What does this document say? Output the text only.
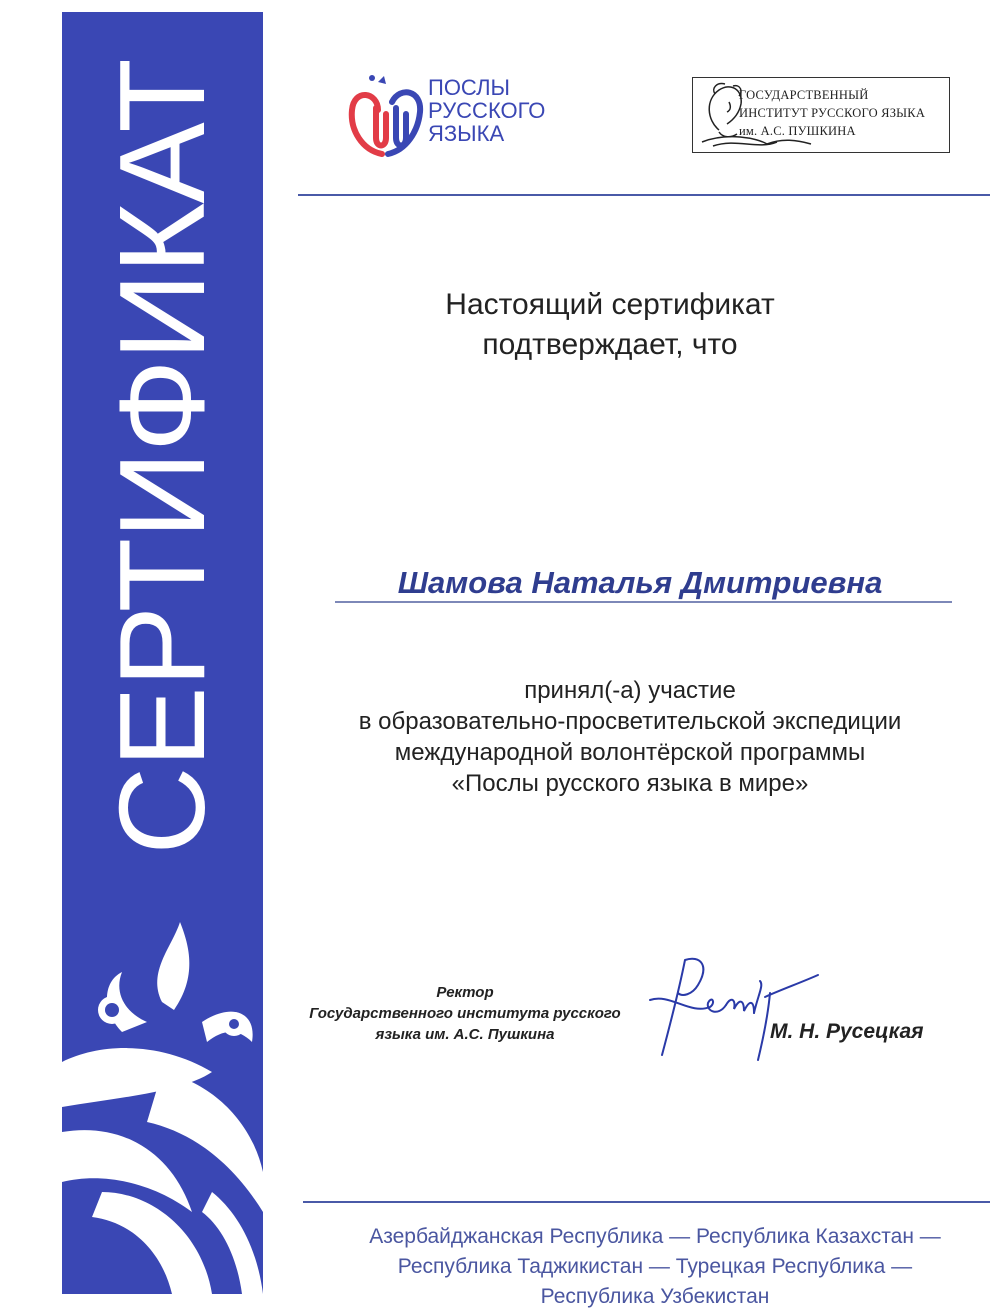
СЕРТИФИКАТ	ПОСЛЫ
РУССКОГО
ЯЗЫКА
ГОСУДАРСТВЕННЫЙ
ИНСТИТУТ РУССКОГО ЯЗЫКА
им. А.С. ПУШКИНА
Настоящий сертификат
подтверждает, что
Шамова Наталья Дмитриевна
принял(-а) участие
в образовательно-просветительской экспедиции
международной волонтёрской программы
«Послы русского языка в мире»
Ректор
Государственного института русского
языка им. А.С. Пушкина	М. Н. Русецкая
Азербайджанская Республика — Республика Казахстан —
Республика Таджикистан — Турецкая Республика —
Республика Узбекистан
